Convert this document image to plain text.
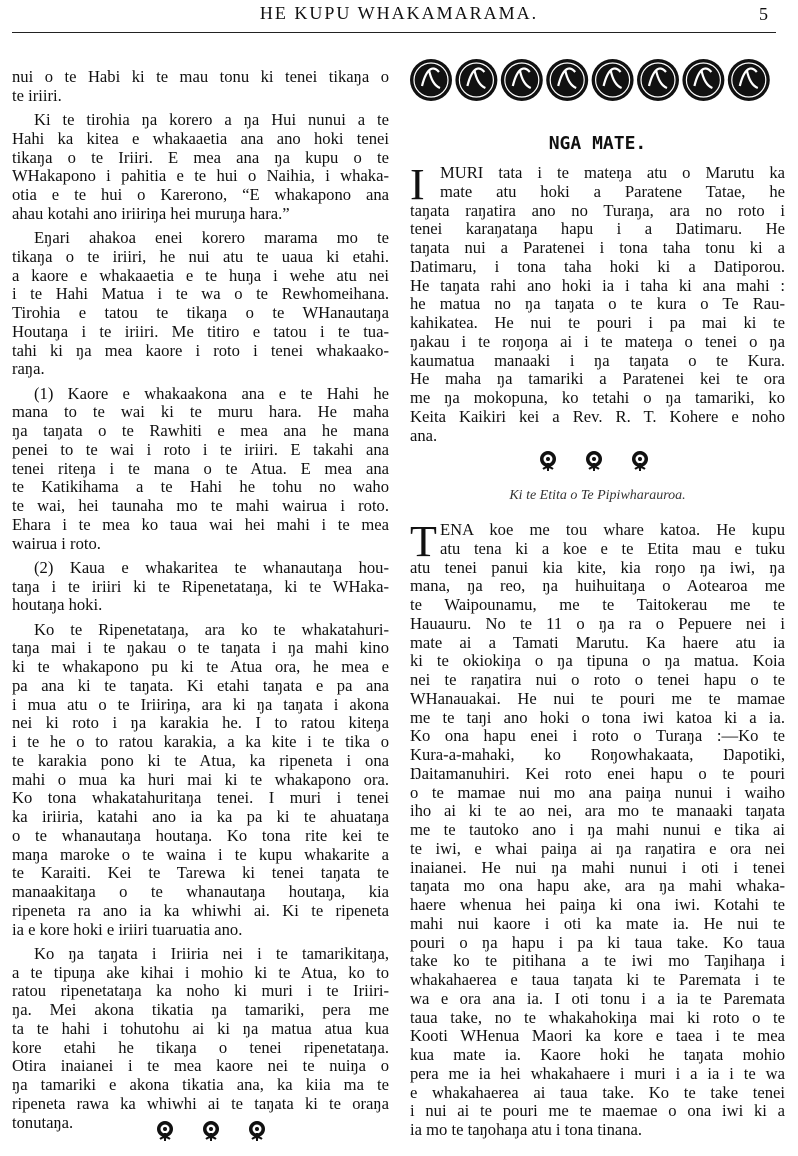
HE KUPU WHAKAMARAMA.	5
nui o te Habi ki te mau tonu ki tenei tikaŋa o
te iriiri.
Ki te tirohia ŋa korero a ŋa Hui nunui a te
Hahi ka kitea e whakaaetia ana ano hoki tenei
tikaŋa o te Iriiri. E mea ana ŋa kupu o te
WHakapono i pahitia e te hui o Naihia, i whaka-
otia e te hui o Karerono, “E whakapono ana
ahau kotahi ano iriiriŋa hei muruŋa hara.”
Eŋari ahakoa enei korero marama mo te
tikaŋa o te iriiri, he nui atu te uaua ki etahi.
a kaore e whakaaetia e te huŋa i wehe atu nei
i te Hahi Matua i te wa o te Rewhomeihana.
Tirohia e tatou te tikaŋa o te WHanautaŋa
Houtaŋa i te iriiri. Me titiro e tatou i te tua-
tahi ki ŋa mea kaore i roto i tenei whakaako-
raŋa.
(1) Kaore e whakaakona ana e te Hahi he
mana to te wai ki te muru hara. He maha
ŋa taŋata o te Rawhiti e mea ana he mana
penei to te wai i roto i te iriiri. E takahi ana
tenei riteŋa i te mana o te Atua. E mea ana
te Katikihama a te Hahi he tohu no waho
te wai, hei taunaha mo te mahi wairua i roto.
Ehara i te mea ko taua wai hei mahi i te mea
wairua i roto.
(2) Kaua e whakaritea te whanautaŋa hou-
taŋa i te iriiri ki te Ripenetataŋa, ki te WHaka-
houtaŋa hoki.
Ko te Ripenetataŋa, ara ko te whakatahuri-
taŋa mai i te ŋakau o te taŋata i ŋa mahi kino
ki te whakapono pu ki te Atua ora, he mea e
pa ana ki te taŋata. Ki etahi taŋata e pa ana
i mua atu o te Iriiriŋa, ara ki ŋa taŋata i akona
nei ki roto i ŋa karakia he. I to ratou kiteŋa
i te he o to ratou karakia, a ka kite i te tika o
te karakia pono ki te Atua, ka ripeneta i ona
mahi o mua ka huri mai ki te whakapono ora.
Ko tona whakatahuritaŋa tenei. I muri i tenei
ka iriiria, katahi ano ia ka pa ki te ahuataŋa
o te whanautaŋa houtaŋa. Ko tona rite kei te
maŋa maroke o te waina i te kupu whakarite a
te Karaiti. Kei te Tarewa ki tenei taŋata te
manaakitaŋa o te whanautaŋa houtaŋa, kia
ripeneta ra ano ia ka whiwhi ai. Ki te ripeneta
ia e kore hoki e iriiri tuaruatia ano.
Ko ŋa taŋata i Iriiria nei i te tamarikitaŋa,
a te tipuŋa ake kihai i mohio ki te Atua, ko to
ratou ripenetataŋa ka noho ki muri i te Iriiri-
ŋa. Mei akona tikatia ŋa tamariki, pera me
ta te hahi i tohutohu ai ki ŋa matua atua kua
kore etahi he tikaŋa o tenei ripenetataŋa.
Otira inaianei i te mea kaore nei te nuiŋa o
ŋa tamariki e akona tikatia ana, ka kiia ma te
ripeneta rawa ka whiwhi ai te taŋata ki te oraŋa
tonutaŋa.
NGA MATE.
I MURI tata i te mateŋa atu o Marutu ka
mate atu hoki a Paratene Tatae, he
taŋata raŋatira ano no Turaŋa, ara no roto i
tenei karaŋataŋa hapu i a Ŋatimaru. He
taŋata nui a Paratenei i tona taha tonu ki a
Ŋatimaru, i tona taha hoki ki a Ŋatiporou.
He taŋata rahi ano hoki ia i taha ki ana mahi :
he matua no ŋa taŋata o te kura o Te Rau-
kahikatea. He nui te pouri i pa mai ki te
ŋakau i te roŋoŋa ai i te mateŋa o tenei o ŋa
kaumatua manaaki i ŋa taŋata o te Kura.
He maha ŋa tamariki a Paratenei kei te ora
me ŋa mokopuna, ko tetahi o ŋa tamariki, ko
Keita Kaikiri kei a Rev. R. T. Kohere e noho
ana.
Ki te Etita o Te Pipiwharauroa.
T ENA koe me tou whare katoa. He kupu
atu tena ki a koe e te Etita mau e tuku
atu tenei panui kia kite, kia roŋo ŋa iwi, ŋa
mana, ŋa reo, ŋa huihuitaŋa o Aotearoa me
te Waipounamu, me te Taitokerau me te
Hauauru. No te 11 o ŋa ra o Pepuere nei i
mate ai a Tamati Marutu. Ka haere atu ia
ki te okiokiŋa o ŋa tipuna o ŋa matua. Koia
nei te raŋatira nui o roto o tenei hapu o te
WHanauakai. He nui te pouri me te mamae
me te taŋi ano hoki o tona iwi katoa ki a ia.
Ko ona hapu enei i roto o Turaŋa :—Ko te
Kura-a-mahaki, ko Roŋowhakaata, Ŋapotiki,
Ŋaitamanuhiri. Kei roto enei hapu o te pouri
o te mamae nui mo ana paiŋa nunui i waiho
iho ai ki te ao nei, ara mo te manaaki taŋata
me te tautoko ano i ŋa mahi nunui e tika ai
te iwi, e whai paiŋa ai ŋa raŋatira e ora nei
inaianei. He nui ŋa mahi nunui i oti i tenei
taŋata mo ona hapu ake, ara ŋa mahi whaka-
haere whenua hei paiŋa ki ona iwi. Kotahi te
mahi nui kaore i oti ka mate ia. He nui te
pouri o ŋa hapu i pa ki taua take. Ko taua
take ko te pitihana a te iwi mo Taŋihaŋa i
whakahaerea e taua taŋata ki te Paremata i te
wa e ora ana ia. I oti tonu i a ia te Paremata
taua take, no te whakahokiŋa mai ki roto o te
Kooti WHenua Maori ka kore e taea i te mea
kua mate ia. Kaore hoki he taŋata mohio
pera me ia hei whakahaere i muri i a ia i te wa
e whakahaerea ai taua take. Ko te take tenei
i nui ai te pouri me te maemae o ona iwi ki a
ia mo te taŋohaŋa atu i tona tinana.
